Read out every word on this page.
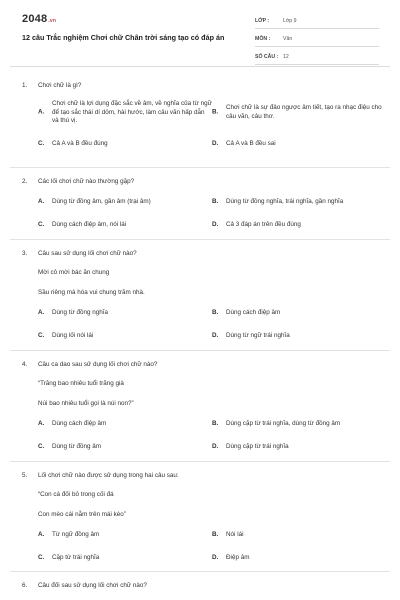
2048.vn
12 câu Trắc nghiệm Chơi chữ Chân trời sáng tạo có đáp án
LỚP :	Lớp 9
MÔN : Văn
SỐ CÂU : 12
1. Chơi chữ là gì?
A.
Chơi chữ là lợi dụng đặc sắc về âm, về nghĩa của từ ngữ để tạo sắc thái dí dỏm, hài hước, làm câu văn hấp dẫn và thú vị.
B.
Chơi chữ là sự đảo ngược âm tiết, tạo ra nhạc điệu cho câu văn, câu thơ.
C. Cả A và B đều đúng	D. Cả A và B đều sai
2. Các lối chơi chữ nào thường gặp?
A. Dùng từ đồng âm, gần âm (trại âm)	B. Dùng từ đồng nghĩa, trái nghĩa, gần nghĩa
C. Dùng cách điệp âm, nói lái	D. Cả 3 đáp án trên đều đúng
3. Câu sau sử dụng lối chơi chữ nào?
Mời cô mời bác ăn chung
Sầu riêng mà hóa vui chung trăm nhà.
A. Dùng từ đồng nghĩa	B. Dùng cách điệp âm
C. Dùng lối nói lái	D. Dùng từ ngữ trái nghĩa
4. Câu ca dao sau sử dụng lối chơi chữ nào?
“Trăng bao nhiêu tuổi trăng già
Núi bao nhiêu tuổi gọi là núi non?”
A. Dùng cách điệp âm	B. Dùng cặp từ trái nghĩa, dùng từ đồng âm
C. Dùng từ đồng âm	D. Dùng cặp từ trái nghĩa
5. Lối chơi chữ nào được sử dụng trong hai câu sau:
“Con cá đối bỏ trong cối đá
Con mèo cái nằm trên mái kèo”
A. Từ ngữ đồng âm	B. Nói lái
C. Cặp từ trái nghĩa	D. Điệp âm
6. Câu đối sau sử dụng lối chơi chữ nào?
